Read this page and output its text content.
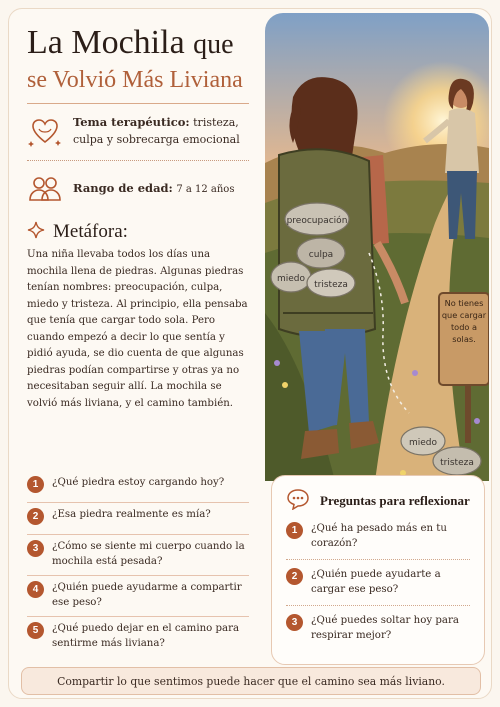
La Mochila que
se Volvió Más Liviana
Tema terapéutico: tristeza, culpa y sobrecarga emocional
Rango de edad: 7 a 12 años
Metáfora:
Una niña llevaba todos los días una mochila llena de piedras. Algunas piedras tenían nombres: preocupación, culpa, miedo y tristeza. Al principio, ella pensaba que tenía que cargar todo sola. Pero cuando empezó a decir lo que sentía y pidió ayuda, se dio cuenta de que algunas piedras podían compartirse y otras ya no necesitaban seguir allí. La mochila se volvió más liviana, y el camino también.
1	¿Qué piedra estoy cargando hoy?
2	¿Esa piedra realmente es mía?
3	¿Cómo se siente mi cuerpo cuando la mochila está pesada?
4	¿Quién puede ayudarme a compartir ese peso?
5	¿Qué puedo dejar en el camino para sentirme más liviana?
preocupación
culpa
miedo
tristeza
miedo
tristeza
No tienes que cargar todo a solas.
Preguntas para reflexionar
1	¿Qué ha pesado más en tu corazón?
2	¿Quién puede ayudarte a cargar ese peso?
3	¿Qué puedes soltar hoy para respirar mejor?
Compartir lo que sentimos puede hacer que el camino sea más liviano.
